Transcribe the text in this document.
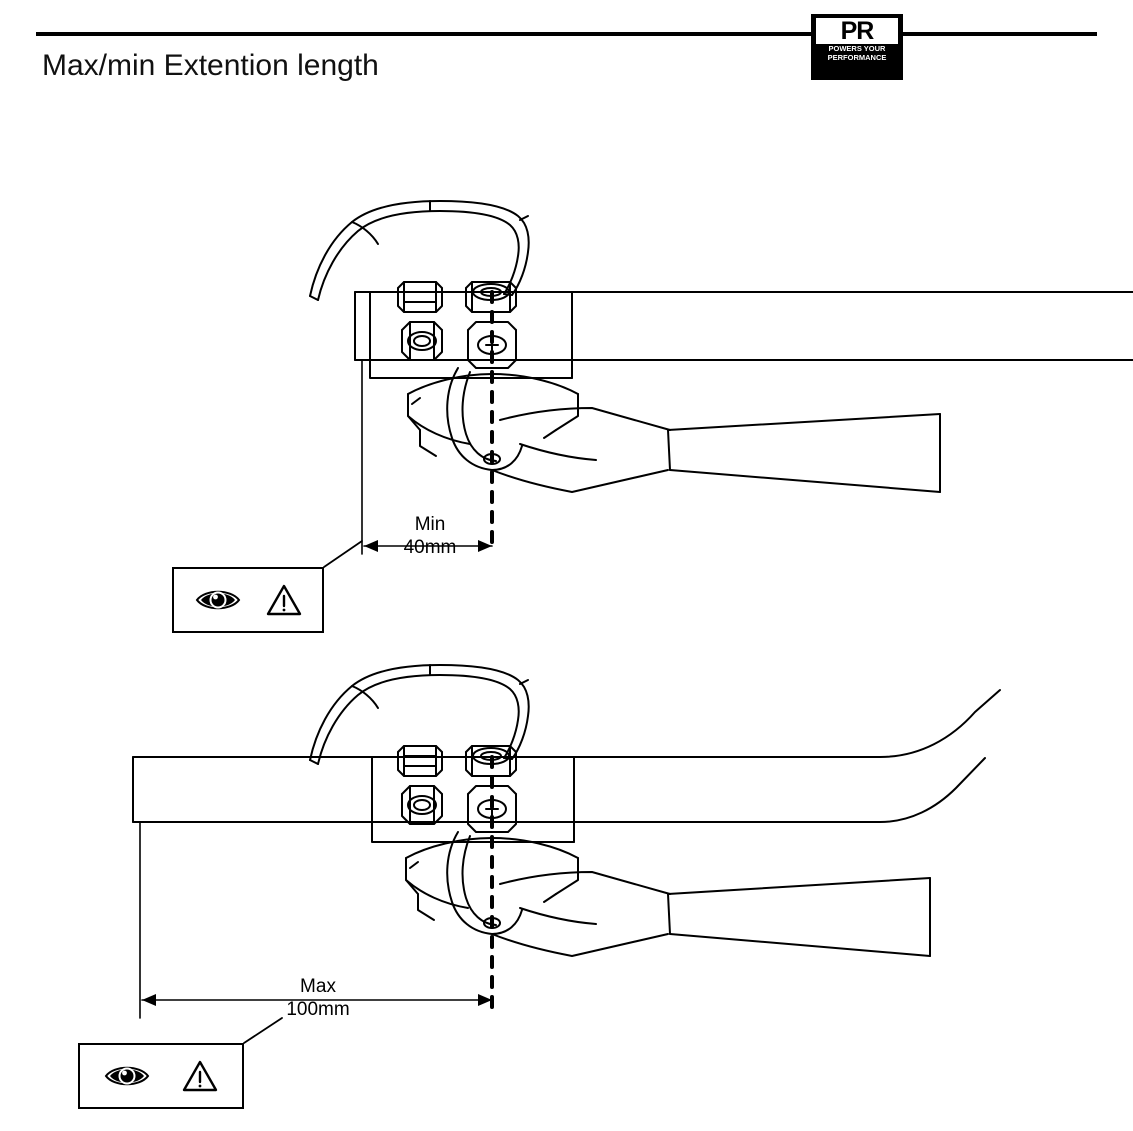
PR
POWERS YOUR
PERFORMANCE
Max/min Extention length
Min
40mm
Max
100mm
